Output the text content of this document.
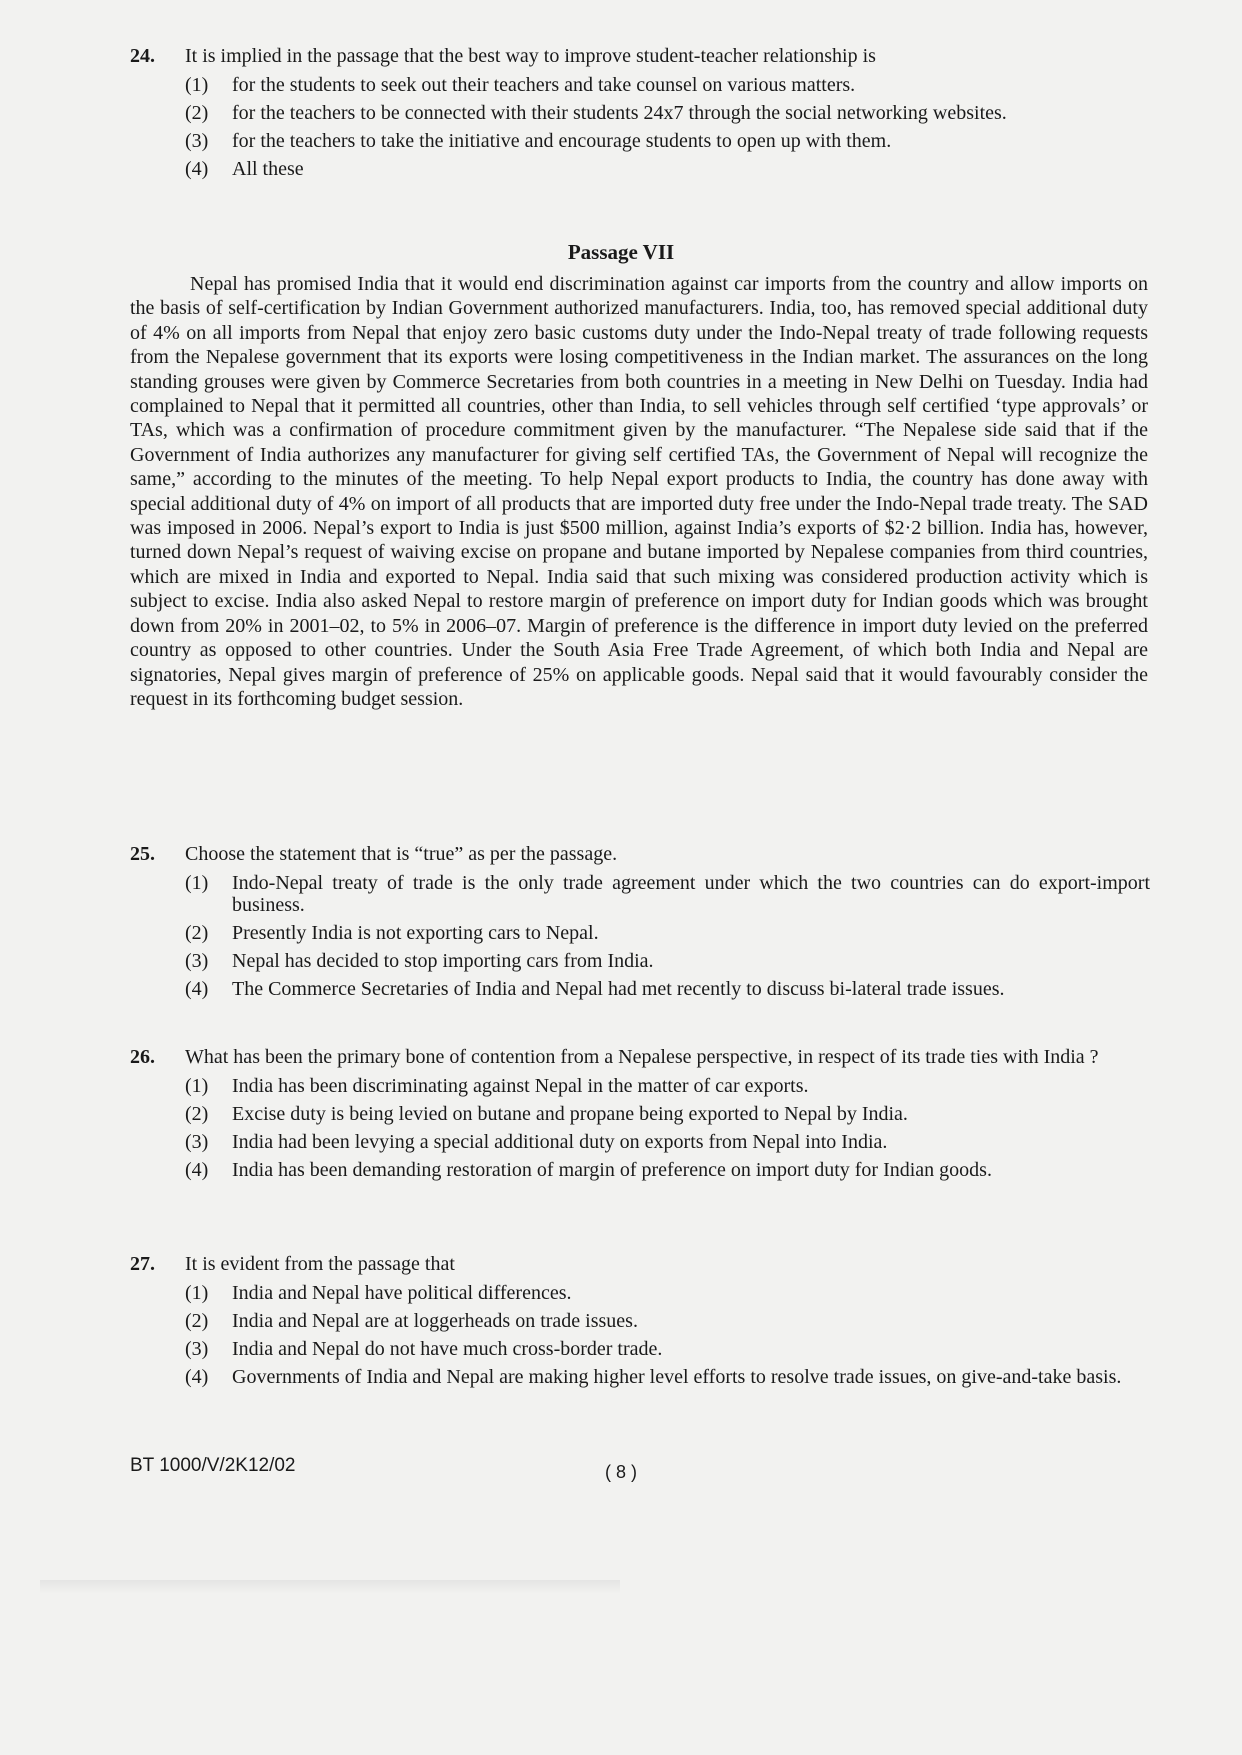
24.	It is implied in the passage that the best way to improve student-teacher relationship is
(1)	for the students to seek out their teachers and take counsel on various matters.
(2)	for the teachers to be connected with their students 24x7 through the social networking websites.
(3)	for the teachers to take the initiative and encourage students to open up with them.
(4)	All these
Passage VII
Nepal has promised India that it would end discrimination against car imports from the country and allow imports on the basis of self-certification by Indian Government authorized manufacturers. India, too, has removed special additional duty of 4% on all imports from Nepal that enjoy zero basic customs duty under the Indo-Nepal treaty of trade following requests from the Nepalese government that its exports were losing competitiveness in the Indian market. The assurances on the long standing grouses were given by Commerce Secretaries from both countries in a meeting in New Delhi on Tuesday. India had complained to Nepal that it permitted all countries, other than India, to sell vehicles through self certified ‘type approvals’ or TAs, which was a confirmation of procedure commitment given by the manufacturer. “The Nepalese side said that if the Government of India authorizes any manufacturer for giving self certified TAs, the Government of Nepal will recognize the same,” according to the minutes of the meeting. To help Nepal export products to India, the country has done away with special additional duty of 4% on import of all products that are imported duty free under the Indo-Nepal trade treaty. The SAD was imposed in 2006. Nepal’s export to India is just $500 million, against India’s exports of $2·2 billion. India has, however, turned down Nepal’s request of waiving excise on propane and butane imported by Nepalese companies from third countries, which are mixed in India and exported to Nepal. India said that such mixing was considered production activity which is subject to excise. India also asked Nepal to restore margin of preference on import duty for Indian goods which was brought down from 20% in 2001–02, to 5% in 2006–07. Margin of preference is the difference in import duty levied on the preferred country as opposed to other countries. Under the South Asia Free Trade Agreement, of which both India and Nepal are signatories, Nepal gives margin of preference of 25% on applicable goods. Nepal said that it would favourably consider the request in its forthcoming budget session.
25.	Choose the statement that is “true” as per the passage.
(1)	Indo-Nepal treaty of trade is the only trade agreement under which the two countries can do export-import business.
(2)	Presently India is not exporting cars to Nepal.
(3)	Nepal has decided to stop importing cars from India.
(4)	The Commerce Secretaries of India and Nepal had met recently to discuss bi-lateral trade issues.
26.	What has been the primary bone of contention from a Nepalese perspective, in respect of its trade ties with India ?
(1)	India has been discriminating against Nepal in the matter of car exports.
(2)	Excise duty is being levied on butane and propane being exported to Nepal by India.
(3)	India had been levying a special additional duty on exports from Nepal into India.
(4)	India has been demanding restoration of margin of preference on import duty for Indian goods.
27.	It is evident from the passage that
(1)	India and Nepal have political differences.
(2)	India and Nepal are at loggerheads on trade issues.
(3)	India and Nepal do not have much cross-border trade.
(4)	Governments of India and Nepal are making higher level efforts to resolve trade issues, on give-and-take basis.
BT 1000/V/2K12/02	( 8 )
